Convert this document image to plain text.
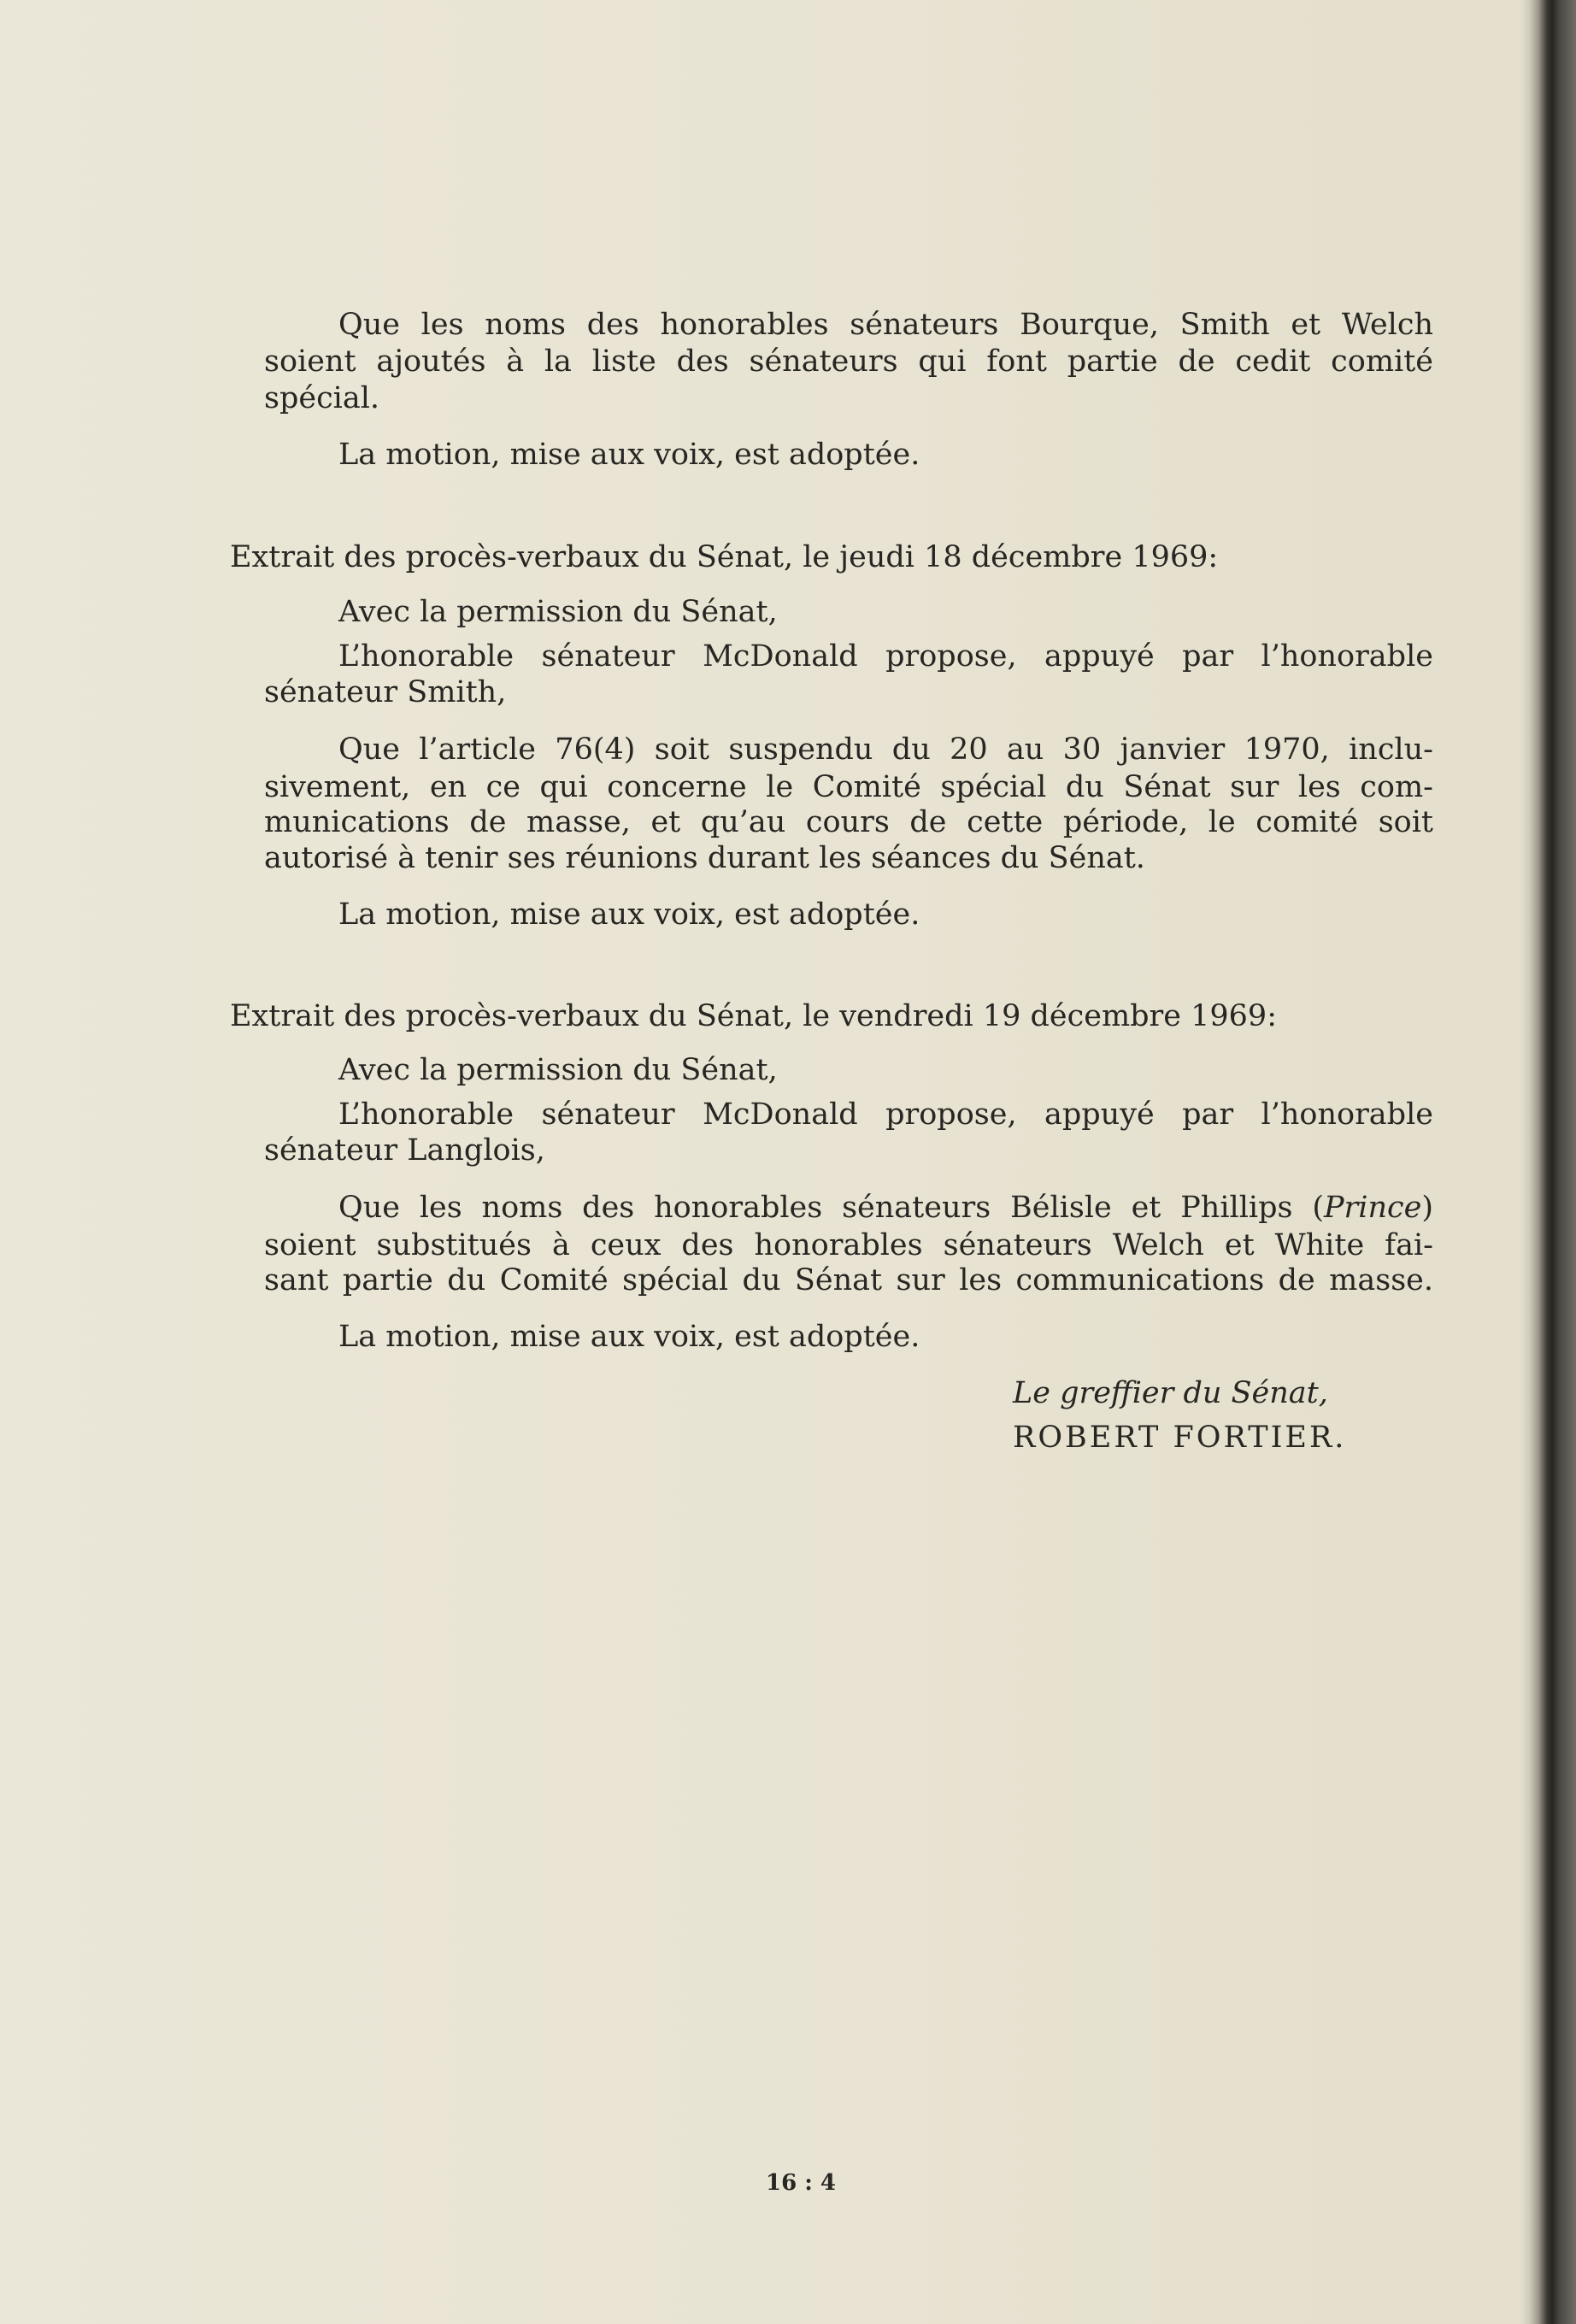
Que les noms des honorables sénateurs Bourque, Smith et Welch
soient ajoutés à la liste des sénateurs qui font partie de cedit comité
spécial.
La motion, mise aux voix, est adoptée.
Extrait des procès-verbaux du Sénat, le jeudi 18 décembre 1969:
Avec la permission du Sénat,
L’honorable sénateur McDonald propose, appuyé par l’honorable
sénateur Smith,
Que l’article 76(4) soit suspendu du 20 au 30 janvier 1970, inclu-
sivement, en ce qui concerne le Comité spécial du Sénat sur les com-
munications de masse, et qu’au cours de cette période, le comité soit
autorisé à tenir ses réunions durant les séances du Sénat.
La motion, mise aux voix, est adoptée.
Extrait des procès-verbaux du Sénat, le vendredi 19 décembre 1969:
Avec la permission du Sénat,
L’honorable sénateur McDonald propose, appuyé par l’honorable
sénateur Langlois,
Que les noms des honorables sénateurs Bélisle et Phillips (Prince)
soient substitués à ceux des honorables sénateurs Welch et White fai-
sant partie du Comité spécial du Sénat sur les communications de masse.
La motion, mise aux voix, est adoptée.
Le greffier du Sénat,
ROBERT FORTIER.
16 : 4
